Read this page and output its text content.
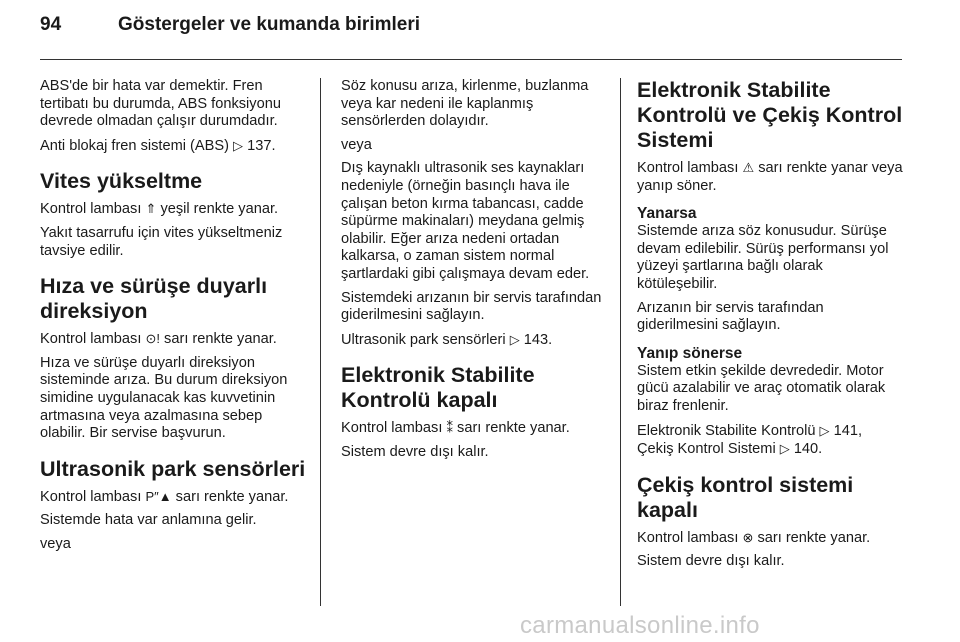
94	Göstergeler ve kumanda birimleri

ABS'de bir hata var demektir. Fren tertibatı bu durumda, ABS fonksiyonu devrede olmadan çalışır durumdadır.

Anti blokaj fren sistemi (ABS) ▷ 137.

Vites yükseltme

Kontrol lambası ⇑ yeşil renkte yanar.

Yakıt tasarrufu için vites yükseltmeniz tavsiye edilir.

Hıza ve sürüşe duyarlı direksiyon

Kontrol lambası ⊙! sarı renkte yanar.

Hıza ve sürüşe duyarlı direksiyon sisteminde arıza. Bu durum direksiyon simidine uygulanacak kas kuvvetinin artmasına veya azalmasına sebep olabilir. Bir servise başvurun.

Ultrasonik park sensörleri

Kontrol lambası P″▲ sarı renkte yanar.

Sistemde hata var anlamına gelir.

veya

Söz konusu arıza, kirlenme, buzlanma veya kar nedeni ile kaplanmış sensörlerden dolayıdır.

veya

Dış kaynaklı ultrasonik ses kaynakları nedeniyle (örneğin basınçlı hava ile çalışan beton kırma tabancası, cadde süpürme makinaları) meydana gelmiş olabilir. Eğer arıza nedeni ortadan kalkarsa, o zaman sistem normal şartlardaki gibi çalışmaya devam eder.

Sistemdeki arızanın bir servis tarafından giderilmesini sağlayın.

Ultrasonik park sensörleri ▷ 143.

Elektronik Stabilite Kontrolü kapalı

Kontrol lambası ⁑ sarı renkte yanar.

Sistem devre dışı kalır.

Elektronik Stabilite Kontrolü ve Çekiş Kontrol Sistemi

Kontrol lambası ⚠ sarı renkte yanar veya yanıp söner.

Yanarsa

Sistemde arıza söz konusudur. Sürüşe devam edilebilir. Sürüş performansı yol yüzeyi şartlarına bağlı olarak kötüleşebilir.

Arızanın bir servis tarafından giderilmesini sağlayın.

Yanıp sönerse

Sistem etkin şekilde devrededir. Motor gücü azalabilir ve araç otomatik olarak biraz frenlenir.

Elektronik Stabilite Kontrolü ▷ 141,
Çekiş Kontrol Sistemi ▷ 140.

Çekiş kontrol sistemi kapalı

Kontrol lambası ⊗ sarı renkte yanar.

Sistem devre dışı kalır.

carmanualsonline.info
